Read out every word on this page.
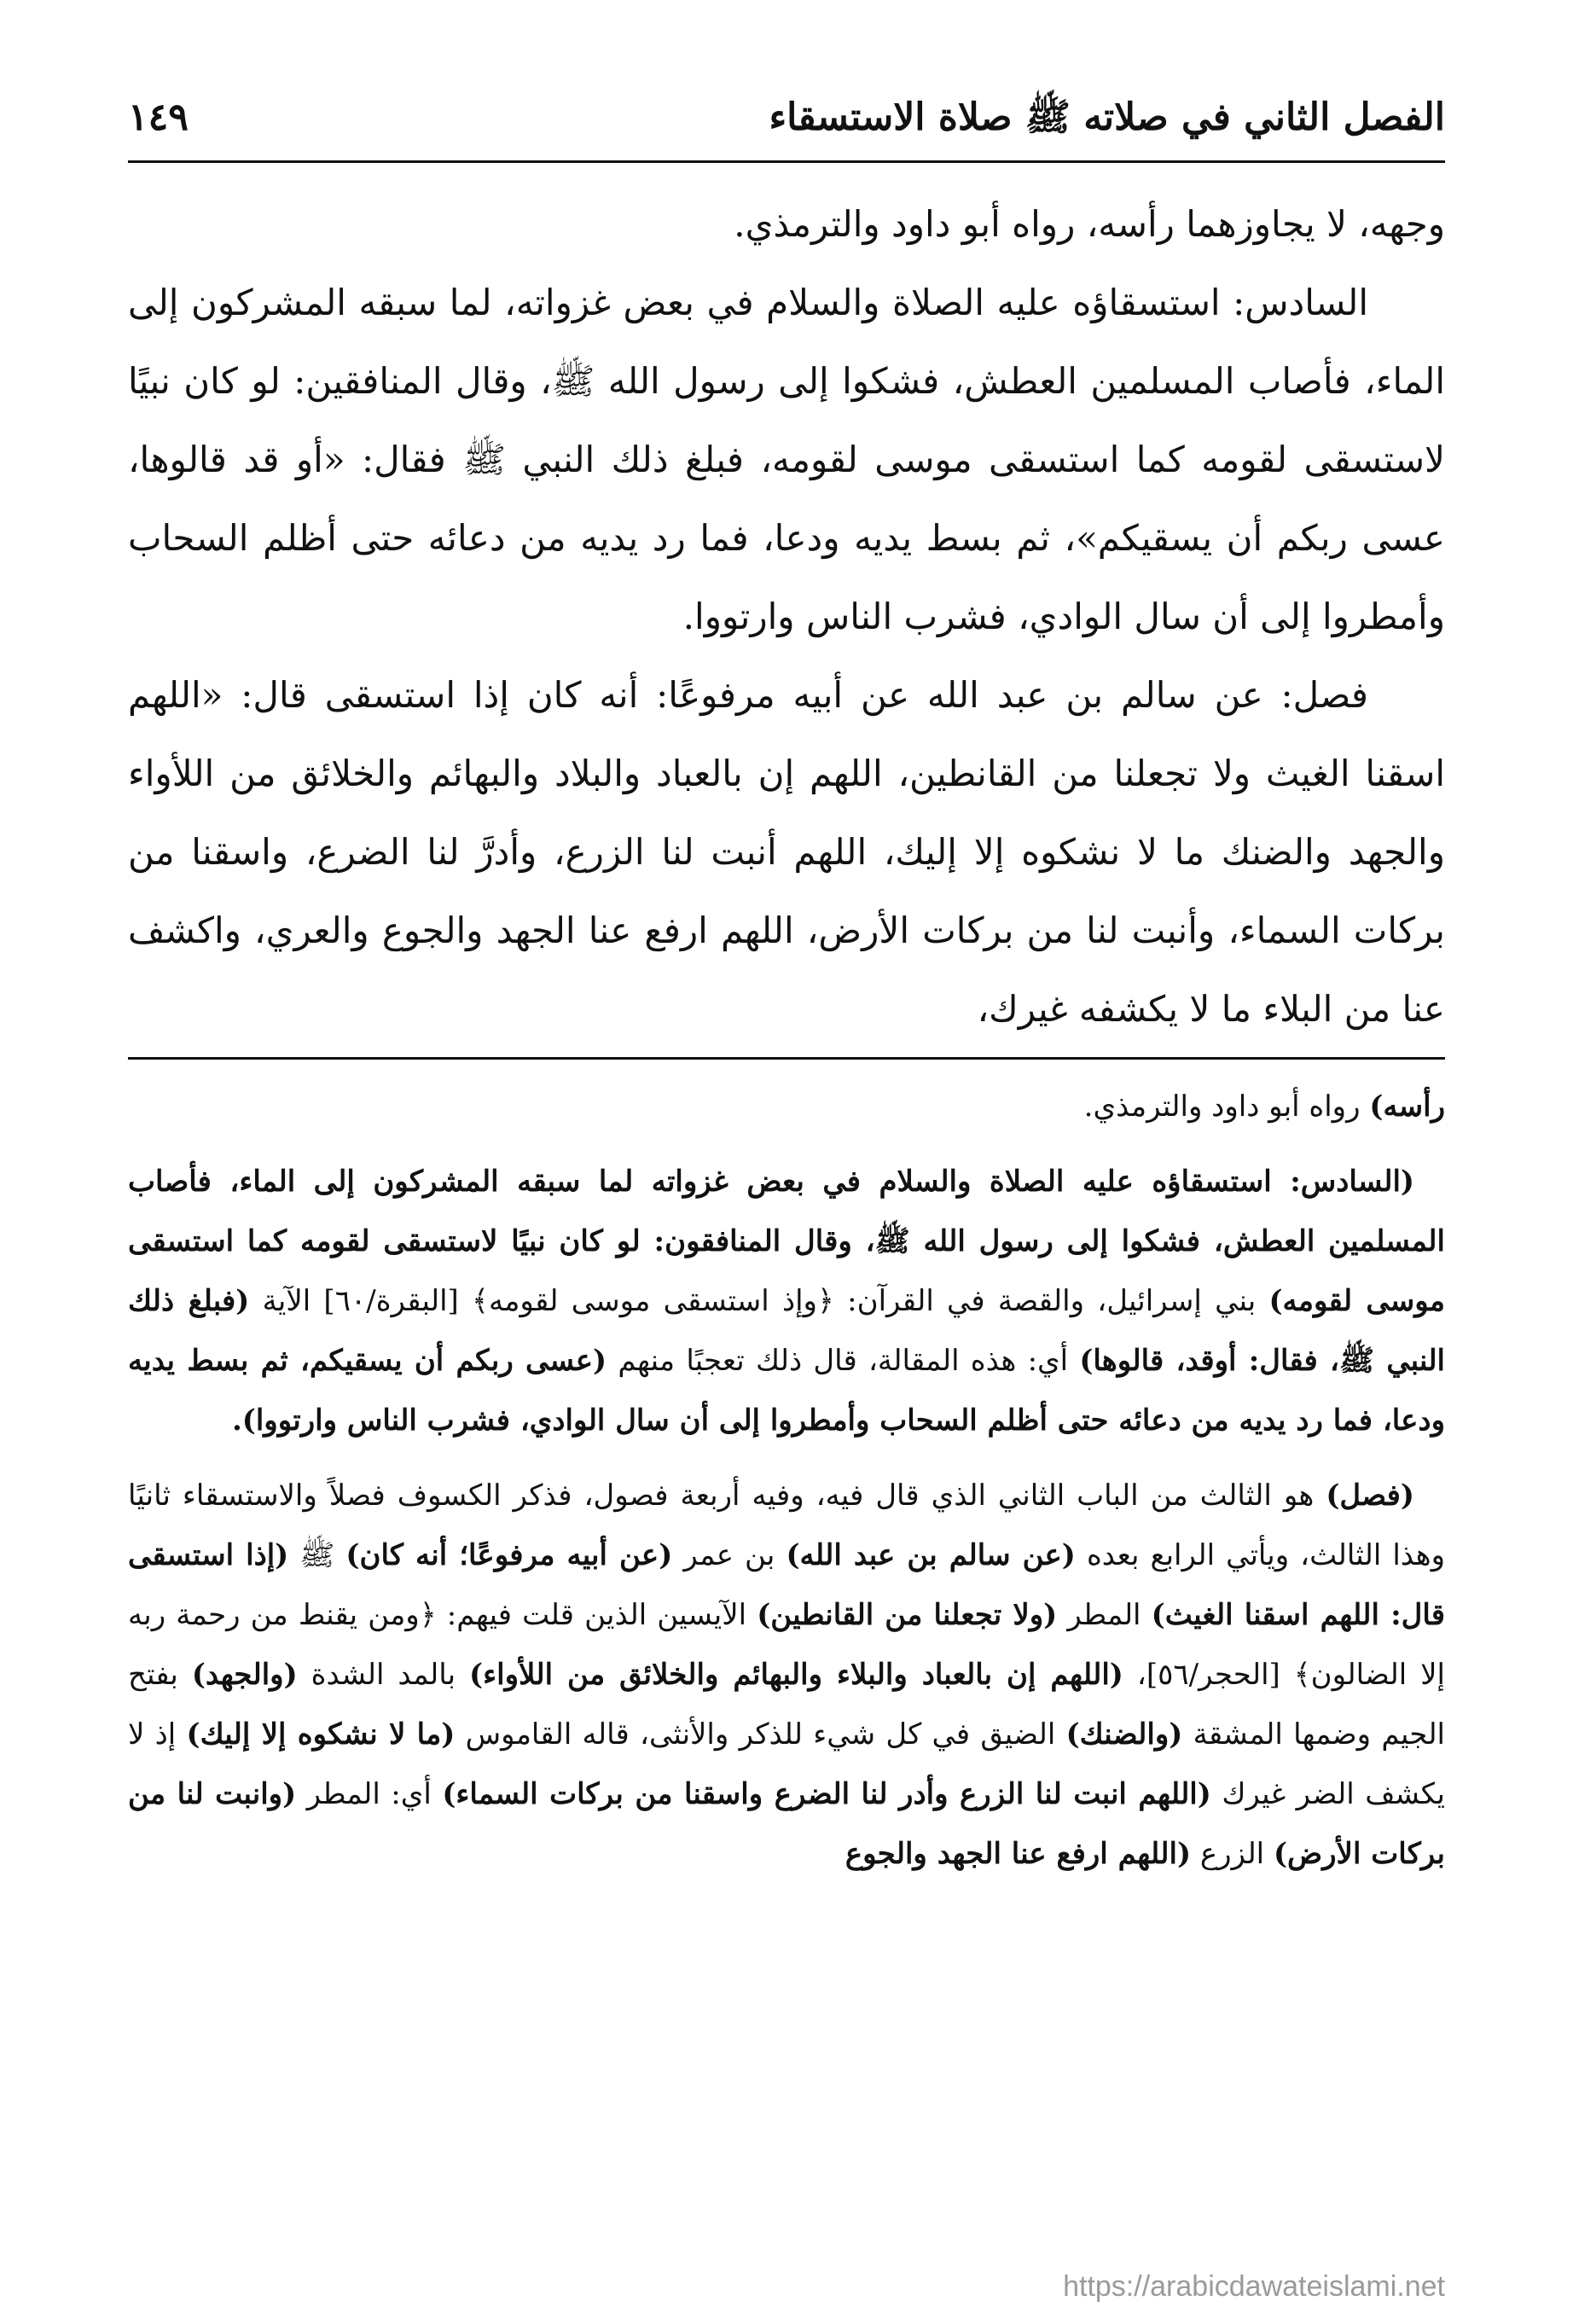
الفصل الثاني في صلاته ﷺ صلاة الاستسقاء
١٤٩

وجهه، لا يجاوزهما رأسه، رواه أبو داود والترمذي.

السادس: استسقاؤه عليه الصلاة والسلام في بعض غزواته، لما سبقه المشركون إلى الماء، فأصاب المسلمين العطش، فشكوا إلى رسول الله ﷺ، وقال المنافقين: لو كان نبيًا لاستسقى لقومه كما استسقى موسى لقومه، فبلغ ذلك النبي ﷺ فقال: «أو قد قالوها، عسى ربكم أن يسقيكم»، ثم بسط يديه ودعا، فما رد يديه من دعائه حتى أظلم السحاب وأمطروا إلى أن سال الوادي، فشرب الناس وارتووا.

فصل: عن سالم بن عبد الله عن أبيه مرفوعًا: أنه كان إذا استسقى قال: «اللهم اسقنا الغيث ولا تجعلنا من القانطين، اللهم إن بالعباد والبلاد والبهائم والخلائق من اللأواء والجهد والضنك ما لا نشكوه إلا إليك، اللهم أنبت لنا الزرع، وأدرَّ لنا الضرع، واسقنا من بركات السماء، وأنبت لنا من بركات الأرض، اللهم ارفع عنا الجهد والجوع والعري، واكشف عنا من البلاء ما لا يكشفه غيرك،

رأسه) رواه أبو داود والترمذي.

(السادس: استسقاؤه عليه الصلاة والسلام في بعض غزواته لما سبقه المشركون إلى الماء، فأصاب المسلمين العطش، فشكوا إلى رسول الله ﷺ، وقال المنافقون: لو كان نبيًا لاستسقى لقومه كما استسقى موسى لقومه) بني إسرائيل، والقصة في القرآن: ﴿وإذ استسقى موسى لقومه﴾ [البقرة/٦٠] الآية (فبلغ ذلك النبي ﷺ، فقال: أوقد، قالوها) أي: هذه المقالة، قال ذلك تعجبًا منهم (عسى ربكم أن يسقيكم، ثم بسط يديه ودعا، فما رد يديه من دعائه حتى أظلم السحاب وأمطروا إلى أن سال الوادي، فشرب الناس وارتووا).

(فصل) هو الثالث من الباب الثاني الذي قال فيه، وفيه أربعة فصول، فذكر الكسوف فصلاً والاستسقاء ثانيًا وهذا الثالث، ويأتي الرابع بعده (عن سالم بن عبد الله) بن عمر (عن أبيه مرفوعًا؛ أنه كان) ﷺ (إذا استسقى قال: اللهم اسقنا الغيث) المطر (ولا تجعلنا من القانطين) الآيسين الذين قلت فيهم: ﴿ومن يقنط من رحمة ربه إلا الضالون﴾ [الحجر/٥٦]، (اللهم إن بالعباد والبلاء والبهائم والخلائق من اللأواء) بالمد الشدة (والجهد) بفتح الجيم وضمها المشقة (والضنك) الضيق في كل شيء للذكر والأنثى، قاله القاموس (ما لا نشكوه إلا إليك) إذ لا يكشف الضر غيرك (اللهم انبت لنا الزرع وأدر لنا الضرع واسقنا من بركات السماء) أي: المطر (وانبت لنا من بركات الأرض) الزرع (اللهم ارفع عنا الجهد والجوع

https://arabicdawateislami.net
